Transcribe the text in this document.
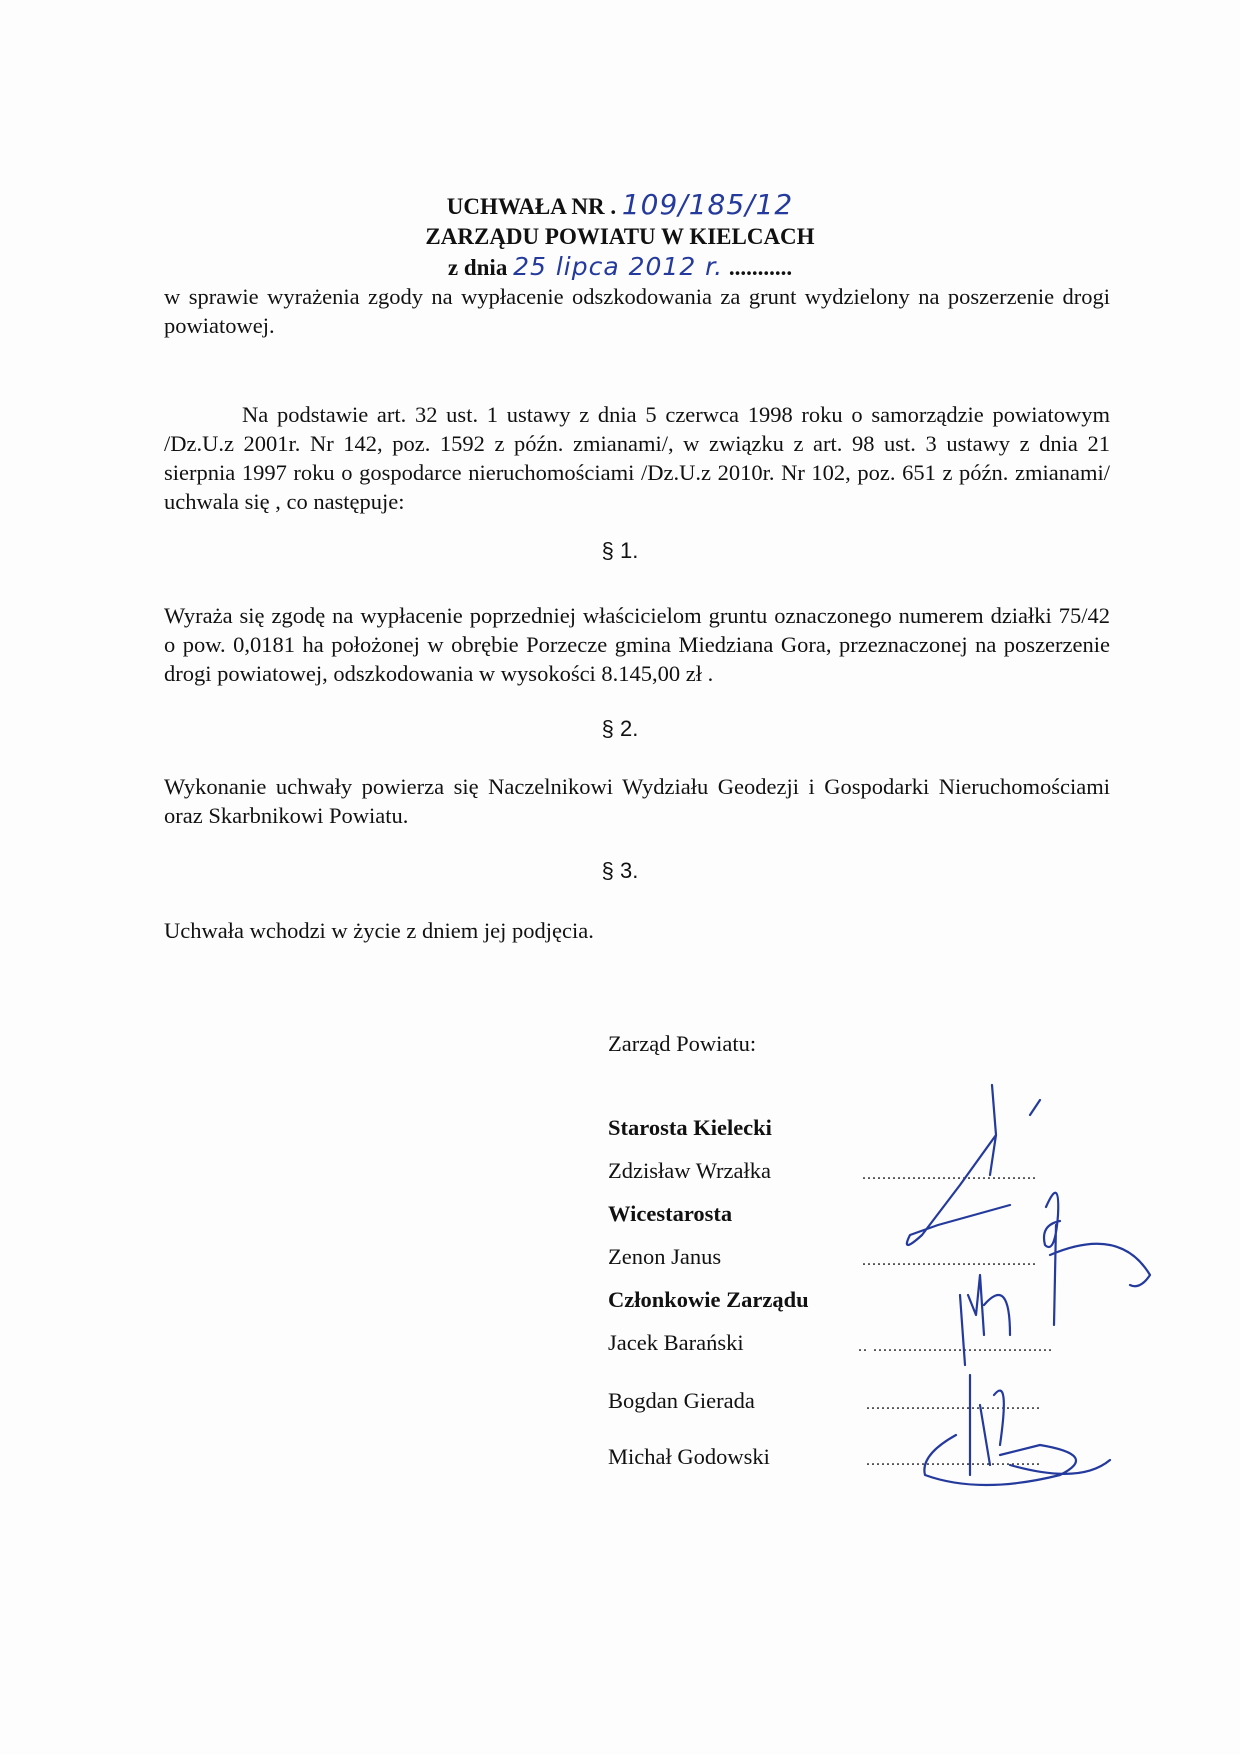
UCHWAŁA NR . 109/185/12
ZARZĄDU POWIATU W KIELCACH
z dnia 25 lipca 2012 r. ...........

w sprawie wyrażenia zgody na wypłacenie odszkodowania za grunt wydzielony na poszerzenie drogi powiatowej.

Na podstawie art. 32 ust. 1 ustawy z dnia 5 czerwca 1998 roku o samorządzie powiatowym /Dz.U.z 2001r. Nr 142, poz. 1592 z późn. zmianami/, w związku z art. 98 ust. 3 ustawy z dnia 21 sierpnia 1997 roku o gospodarce nieruchomościami /Dz.U.z 2010r. Nr 102, poz. 651 z późn. zmianami/ uchwala się , co następuje:

§ 1.

Wyraża się zgodę na wypłacenie poprzedniej właścicielom gruntu oznaczonego numerem działki 75/42 o pow. 0,0181 ha położonej w obrębie Porzecze gmina Miedziana Gora, przeznaczonej na poszerzenie drogi powiatowej, odszkodowania w wysokości 8.145,00 zł .

§ 2.

Wykonanie uchwały powierza się Naczelnikowi Wydziału Geodezji i Gospodarki Nieruchomościami oraz Skarbnikowi Powiatu.

§ 3.

Uchwała wchodzi w życie z dniem jej podjęcia.

Zarząd Powiatu:
Starosta Kielecki
Zdzisław Wrzałka	...................................
Wicestarosta
Zenon Janus	...................................
Członkowie Zarządu
Jacek Barański	.. ....................................
Bogdan Gierada	...................................
Michał Godowski	...................................
